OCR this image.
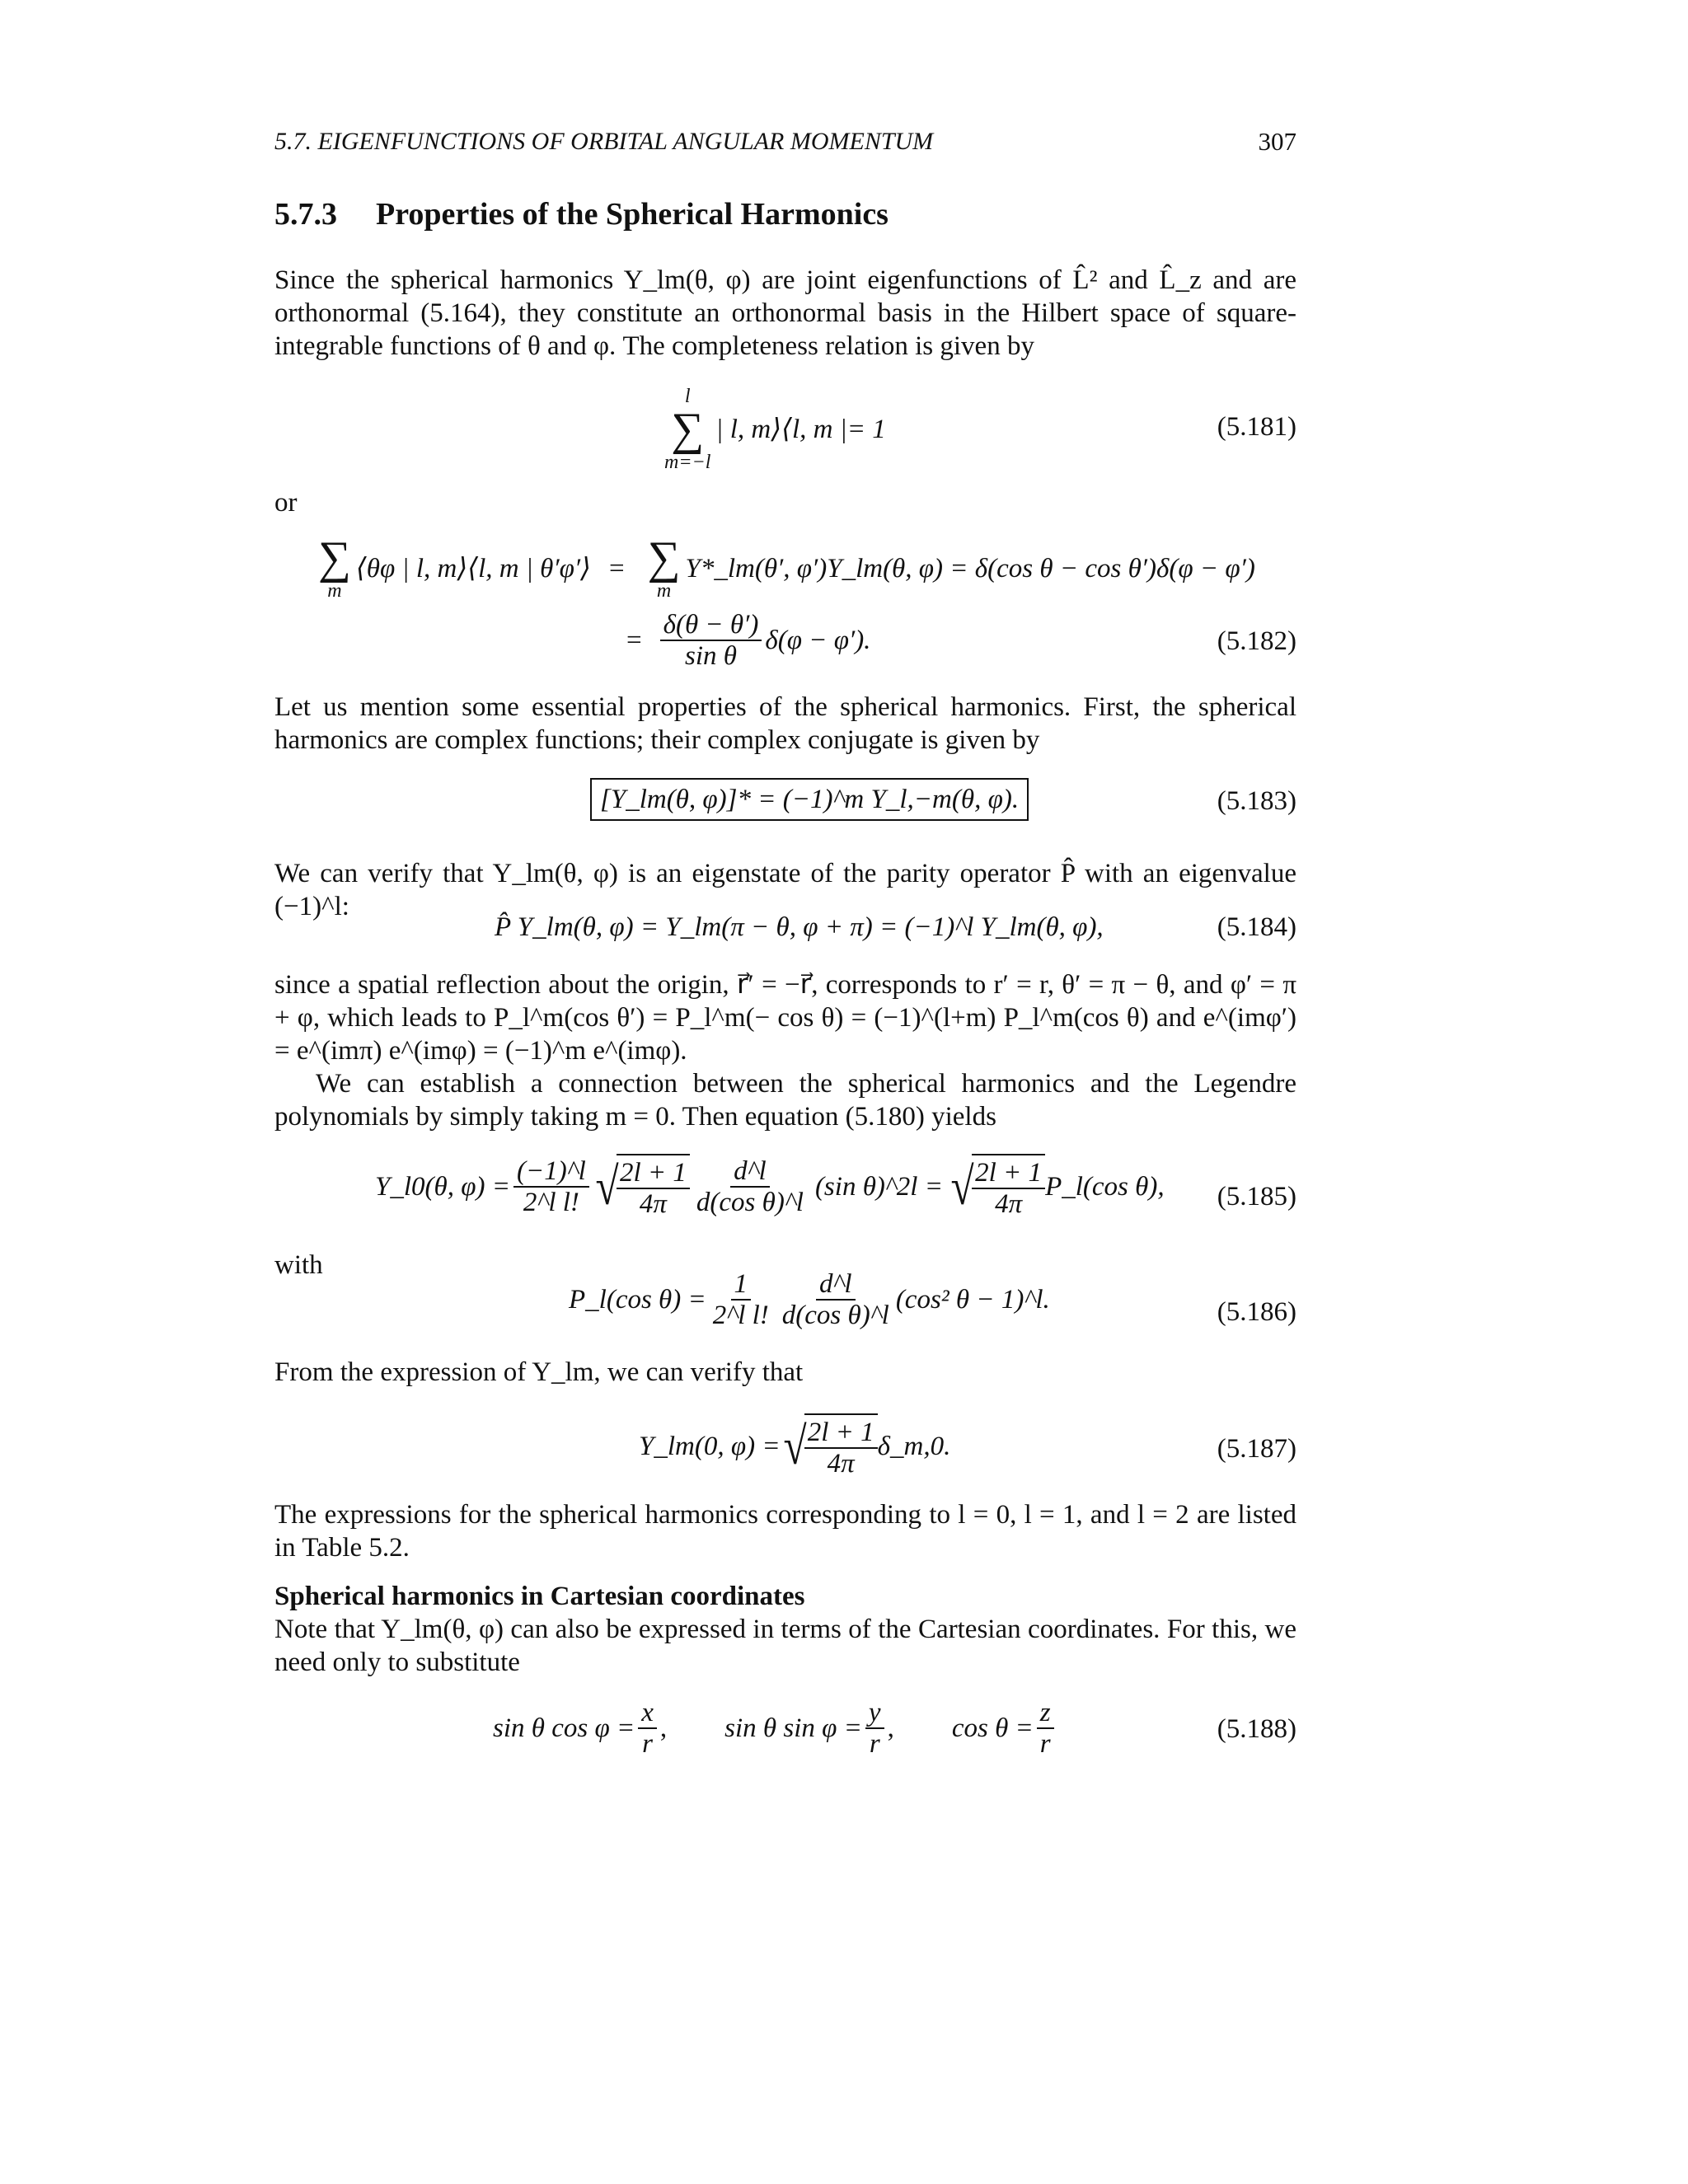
5.7. EIGENFUNCTIONS OF ORBITAL ANGULAR MOMENTUM	307
5.7.3 Properties of the Spherical Harmonics
Since the spherical harmonics Y_lm(θ, φ) are joint eigenfunctions of L̂² and L̂_z and are orthonormal (5.164), they constitute an orthonormal basis in the Hilbert space of square-integrable functions of θ and φ. The completeness relation is given by
l
∑
m=−l
| l, m⟩⟨l, m |= 1	(5.181)
or
∑
m
⟨θφ | l, m⟩⟨l, m | θ′φ′⟩ = ∑
m
Y*_lm(θ′, φ′)Y_lm(θ, φ) = δ(cos θ − cos θ′)δ(φ − φ′)
= $\frac{\delta(\theta - \theta')}{\text{sin θ}} \delta(\varphi - \varphi')$.	(5.182)
Let us mention some essential properties of the spherical harmonics. First, the spherical harmonics are complex functions; their complex conjugate is given by
[Y_lm(θ, φ)]* = (−1)^m Y_l,−m(θ, φ).	(5.183)
We can verify that Y_lm(θ, φ) is an eigenstate of the parity operator P̂ with an eigenvalue (−1)^l:
P̂ Y_lm(θ, φ) = Y_lm(π − θ, φ + π) = (−1)^l Y_lm(θ, φ),	(5.184)
since a spatial reflection about the origin, r⃗′ = −r⃗, corresponds to r′ = r, θ′ = π − θ, and φ′ = π + φ, which leads to P_l^m(cos θ′) = P_l^m(− cos θ) = (−1)^(l+m) P_l^m(cos θ) and e^(imφ′) = e^(imπ) e^(imφ) = (−1)^m e^(imφ).
We can establish a connection between the spherical harmonics and the Legendre polynomials by simply taking m = 0. Then equation (5.180) yields
Y_l0(θ, $\varphi) = \frac{(-1)\^{}l}{\text{2\textasciicircum{}l l!}}$ √
$\frac{2l + 1}{4\pi} \frac{d\^{}l}{\text{d(cos θ)\textasciicircum{}l}} (\sin$ θ)^2l = √
$\frac{2l + 1}{4\pi}$ P_l(cos θ),	(5.185)
with
P_l(cos $\theta) = \frac{1}{\text{2\textasciicircum{}l l!}} \frac{d\^{}l}{\text{d(cos θ)\textasciicircum{}l}} (\cos^2$ θ − 1)^l.	(5.186)
From the expression of Y_lm, we can verify that
Y_lm(0, φ) = √
$\frac{2l + 1}{4\pi}$ δ_m,0.	(5.187)
The expressions for the spherical harmonics corresponding to l = 0, l = 1, and l = 2 are listed in Table 5.2.
Spherical harmonics in Cartesian coordinates
Note that Y_lm(θ, φ) can also be expressed in terms of the Cartesian coordinates. For this, we need only to substitute
sin θ $\cos \varphi = \frac{x}{r}$ , sin θ $\sin \varphi = \frac{y}{r}$ , $\cos \theta = \frac{z}{r}$	(5.188)
